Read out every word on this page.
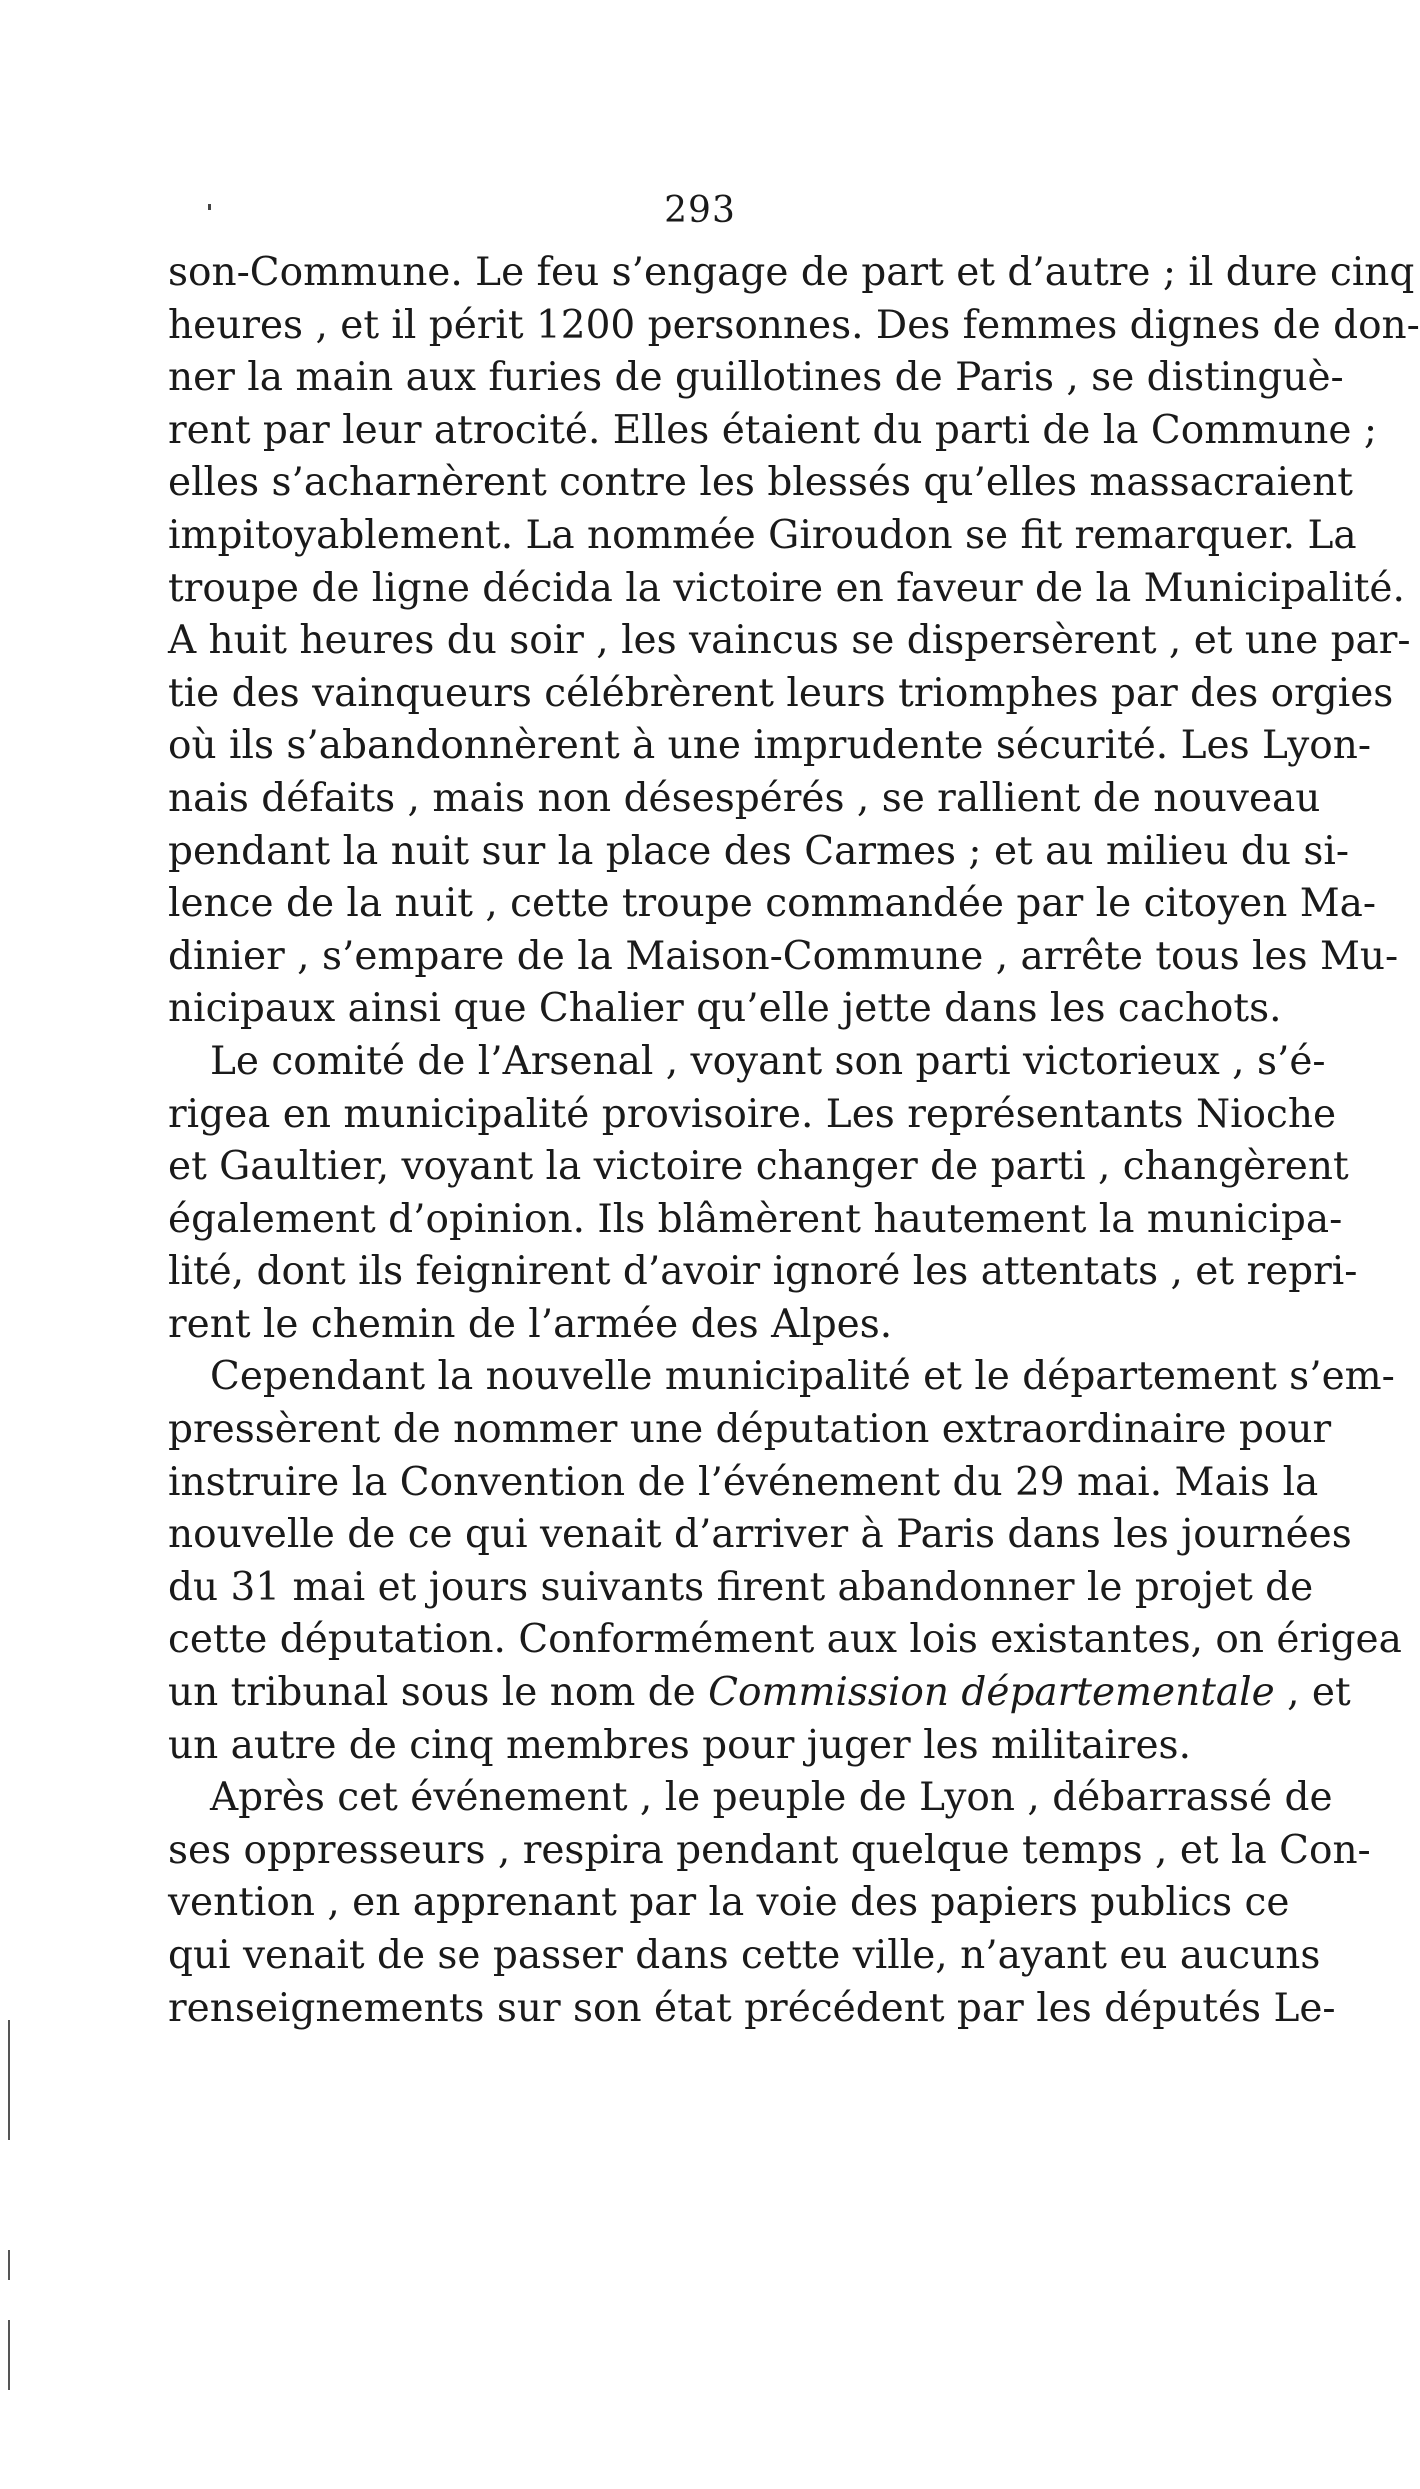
293
son-Commune. Le feu s’engage de part et d’autre ; il dure cinq
heures , et il périt 1200 personnes. Des femmes dignes de don-
ner la main aux furies de guillotines de Paris , se distinguè-
rent par leur atrocité. Elles étaient du parti de la Commune ;
elles s’acharnèrent contre les blessés qu’elles massacraient
impitoyablement. La nommée Giroudon se fit remarquer. La
troupe de ligne décida la victoire en faveur de la Municipalité.
A huit heures du soir , les vaincus se dispersèrent , et une par-
tie des vainqueurs célébrèrent leurs triomphes par des orgies
où ils s’abandonnèrent à une imprudente sécurité. Les Lyon-
nais défaits , mais non désespérés , se rallient de nouveau
pendant la nuit sur la place des Carmes ; et au milieu du si-
lence de la nuit , cette troupe commandée par le citoyen Ma-
dinier , s’empare de la Maison-Commune , arrête tous les Mu-
nicipaux ainsi que Chalier qu’elle jette dans les cachots.
Le comité de l’Arsenal , voyant son parti victorieux , s’é-
rigea en municipalité provisoire. Les représentants Nioche
et Gaultier, voyant la victoire changer de parti , changèrent
également d’opinion. Ils blâmèrent hautement la municipa-
lité, dont ils feignirent d’avoir ignoré les attentats , et repri-
rent le chemin de l’armée des Alpes.
Cependant la nouvelle municipalité et le département s’em-
pressèrent de nommer une députation extraordinaire pour
instruire la Convention de l’événement du 29 mai. Mais la
nouvelle de ce qui venait d’arriver à Paris dans les journées
du 31 mai et jours suivants firent abandonner le projet de
cette députation. Conformément aux lois existantes, on érigea
un tribunal sous le nom de Commission départementale , et
un autre de cinq membres pour juger les militaires.
Après cet événement , le peuple de Lyon , débarrassé de
ses oppresseurs , respira pendant quelque temps , et la Con-
vention , en apprenant par la voie des papiers publics ce
qui venait de se passer dans cette ville, n’ayant eu aucuns
renseignements sur son état précédent par les députés Le-
